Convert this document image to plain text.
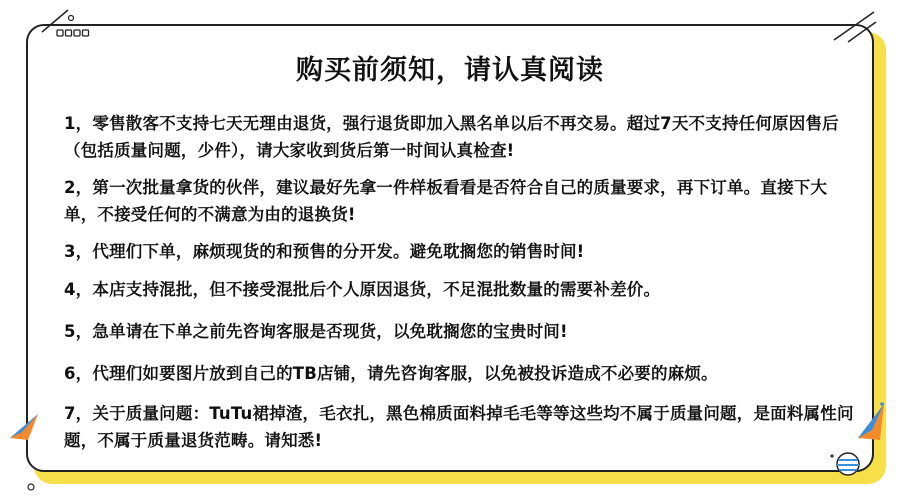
购买前须知，请认真阅读
1，零售散客不支持七天无理由退货，强行退货即加入黑名单以后不再交易。超过7天不支持任何原因售后（包括质量问题，少件），请大家收到货后第一时间认真检查!
2，第一次批量拿货的伙伴，建议最好先拿一件样板看看是否符合自己的质量要求，再下订单。直接下大单，不接受任何的不满意为由的退换货!
3，代理们下单，麻烦现货的和预售的分开发。避免耽搁您的销售时间!
4，本店支持混批，但不接受混批后个人原因退货，不足混批数量的需要补差价。
5，急单请在下单之前先咨询客服是否现货，以免耽搁您的宝贵时间!
6，代理们如要图片放到自己的TB店铺，请先咨询客服，以免被投诉造成不必要的麻烦。
7，关于质量问题：TuTu裙掉渣，毛衣扎，黑色棉质面料掉毛毛等等这些均不属于质量问题，是面料属性问题，不属于质量退货范畴。请知悉!
